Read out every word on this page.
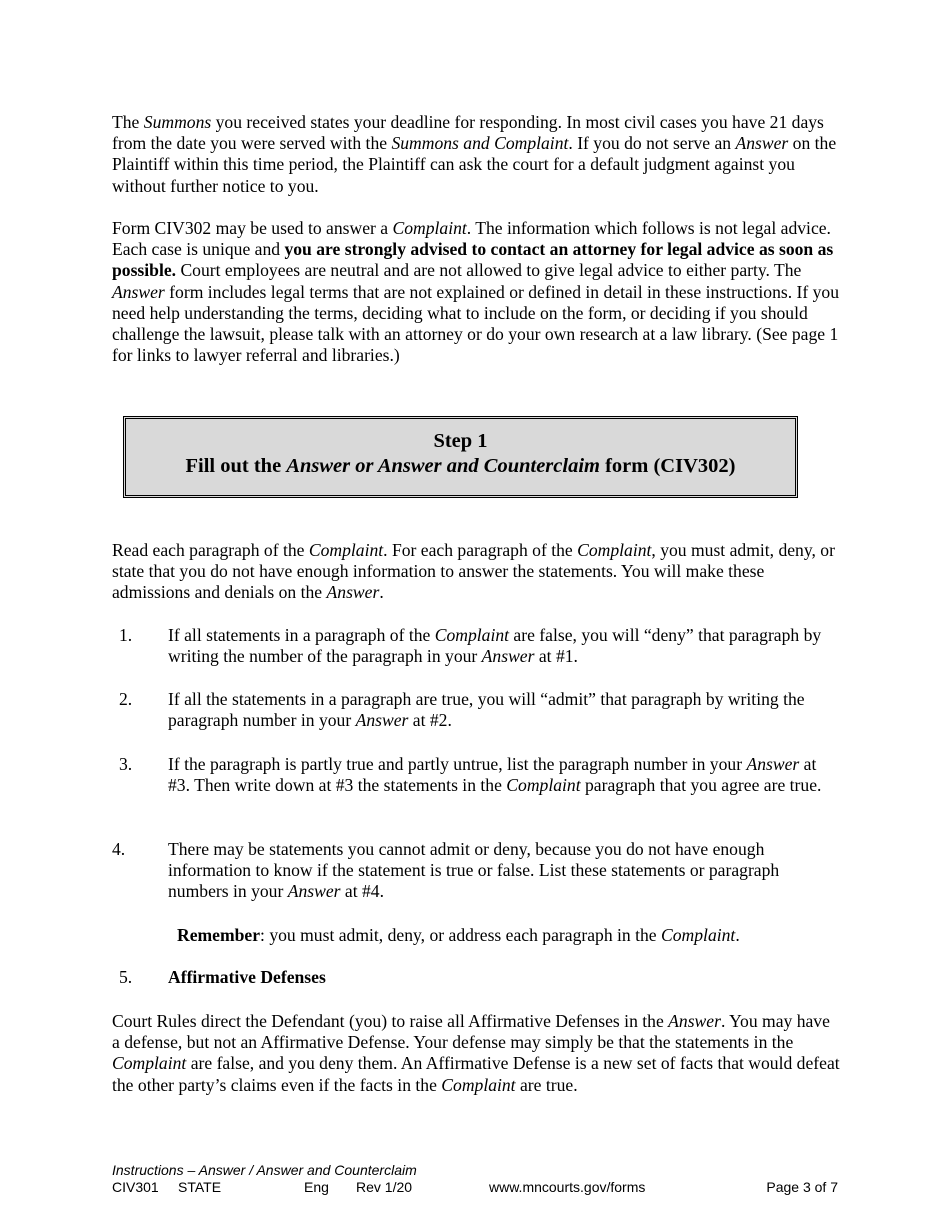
The Summons you received states your deadline for responding. In most civil cases you have 21 days from the date you were served with the Summons and Complaint. If you do not serve an Answer on the Plaintiff within this time period, the Plaintiff can ask the court for a default judgment against you without further notice to you.

Form CIV302 may be used to answer a Complaint. The information which follows is not legal advice. Each case is unique and you are strongly advised to contact an attorney for legal advice as soon as possible. Court employees are neutral and are not allowed to give legal advice to either party. The Answer form includes legal terms that are not explained or defined in detail in these instructions. If you need help understanding the terms, deciding what to include on the form, or deciding if you should challenge the lawsuit, please talk with an attorney or do your own research at a law library. (See page 1 for links to lawyer referral and libraries.)

Step 1
Fill out the Answer or Answer and Counterclaim form (CIV302)

Read each paragraph of the Complaint. For each paragraph of the Complaint, you must admit, deny, or state that you do not have enough information to answer the statements. You will make these admissions and denials on the Answer.

1.	If all statements in a paragraph of the Complaint are false, you will “deny” that paragraph by writing the number of the paragraph in your Answer at #1.
2.	If all the statements in a paragraph are true, you will “admit” that paragraph by writing the paragraph number in your Answer at #2.
3.	If the paragraph is partly true and partly untrue, list the paragraph number in your Answer at #3. Then write down at #3 the statements in the Complaint paragraph that you agree are true.
4.	There may be statements you cannot admit or deny, because you do not have enough information to know if the statement is true or false. List these statements or paragraph numbers in your Answer at #4.
Remember: you must admit, deny, or address each paragraph in the Complaint.
5.	Affirmative Defenses

Court Rules direct the Defendant (you) to raise all Affirmative Defenses in the Answer. You may have a defense, but not an Affirmative Defense. Your defense may simply be that the statements in the Complaint are false, and you deny them. An Affirmative Defense is a new set of facts that would defeat the other party’s claims even if the facts in the Complaint are true.

Instructions – Answer / Answer and Counterclaim
CIV301 STATE	Eng Rev 1/20	www.mncourts.gov/forms	Page 3 of 7
